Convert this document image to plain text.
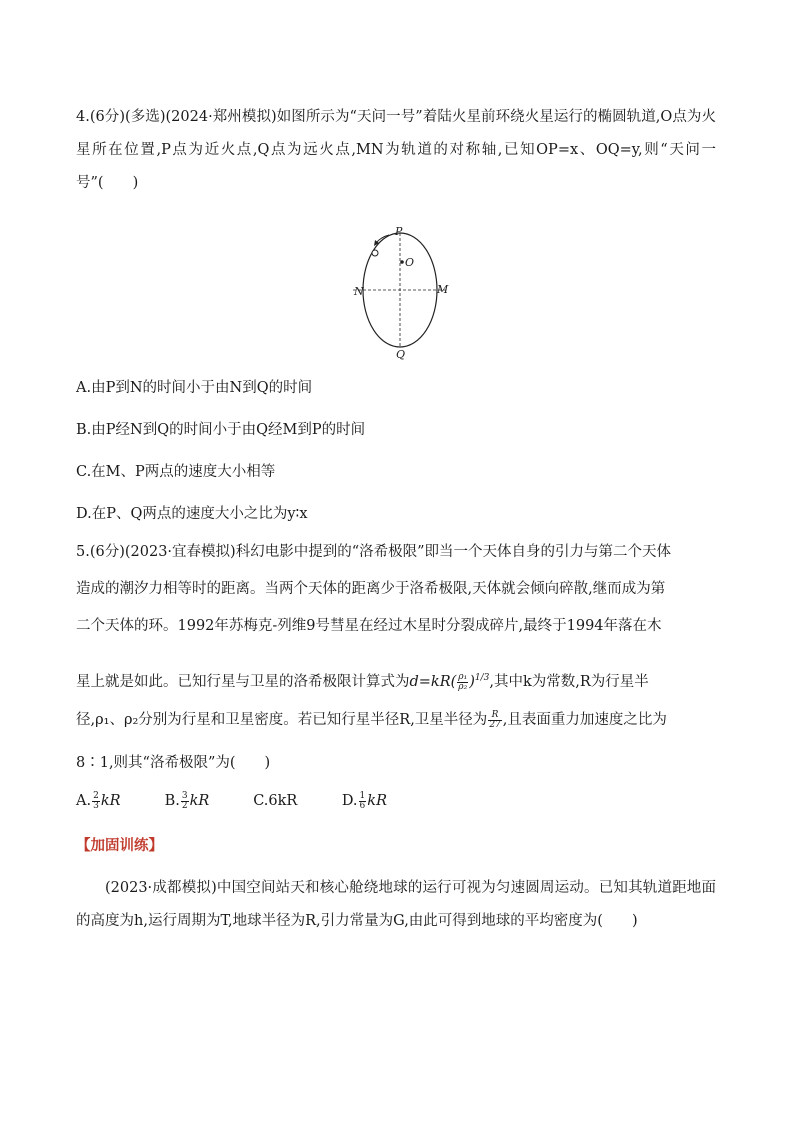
4.(6分)(多选)(2024·郑州模拟)如图所示为“天问一号”着陆火星前环绕火星运行的椭圆轨道,O点为火星所在位置,P点为近火点,Q点为远火点,MN为轨道的对称轴,已知OP=x、OQ=y,则“天问一号”(　　)

P
O
N	M
Q

A.由P到N的时间小于由N到Q的时间

B.由P经N到Q的时间小于由Q经M到P的时间

C.在M、P两点的速度大小相等

D.在P、Q两点的速度大小之比为y∶x

5.(6分)(2023·宜春模拟)科幻电影中提到的“洛希极限”即当一个天体自身的引力与第二个天体

造成的潮汐力相等时的距离。当两个天体的距离少于洛希极限,天体就会倾向碎散,继而成为第

二个天体的环。1992年苏梅克-列维9号彗星在经过木星时分裂成碎片,最终于1994年落在木

星上就是如此。已知行星与卫星的洛希极限计算式为$d=kR( \frac{\text{ρ₁}}{\text{ρ₂}} )^{1/3}$,其中k为常数,R为行星半

径,ρ₁、ρ₂分别为行星和卫星密度。若已知行星半径R,卫星半径为 $\frac{R}{27}$ ,且表面重力加速度之比为

8∶1,则其“洛希极限”为(　　)

A. $\frac{2}{3}$ kR	B. $\frac{3}{2}$ kR	C.6kR	D. $\frac{1}{6}$ kR
【加固训练】

(2023·成都模拟)中国空间站天和核心舱绕地球的运行可视为匀速圆周运动。已知其轨道距地面的高度为h,运行周期为T,地球半径为R,引力常量为G,由此可得到地球的平均密度为(　　)
